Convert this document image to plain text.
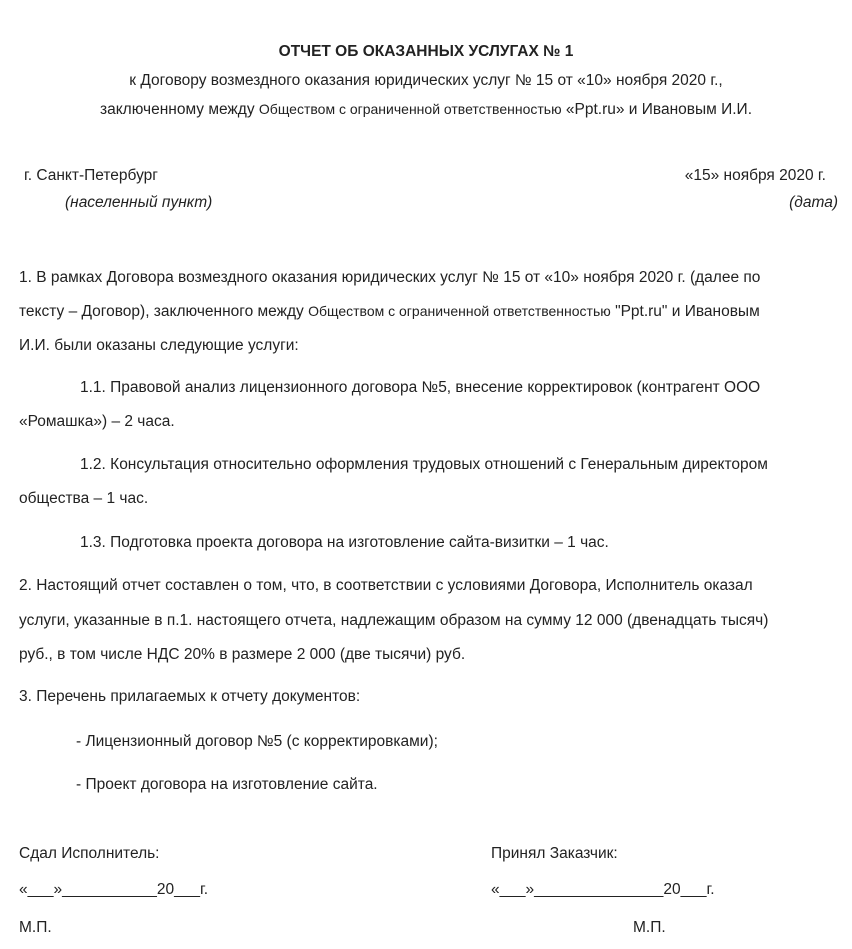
ОТЧЕТ ОБ ОКАЗАННЫХ УСЛУГАХ № 1
к Договору возмездного оказания юридических услуг № 15 от «10» ноября 2020 г.,
заключенному между Обществом с ограниченной ответственностью «Ppt.ru» и Ивановым И.И.
г. Санкт-Петербург
(населенный пункт)
«15» ноября 2020 г.
(дата)
1. В рамках Договора возмездного оказания юридических услуг № 15 от «10» ноября 2020 г. (далее по
тексту – Договор), заключенного между Обществом с ограниченной ответственностью "Ppt.ru" и Ивановым
И.И. были оказаны следующие услуги:
1.1. Правовой анализ лицензионного договора №5, внесение корректировок (контрагент ООО
«Ромашка») – 2 часа.
1.2. Консультация относительно оформления трудовых отношений с Генеральным директором
общества – 1 час.
1.3. Подготовка проекта договора на изготовление сайта-визитки – 1 час.
2. Настоящий отчет составлен о том, что, в соответствии с условиями Договора, Исполнитель оказал
услуги, указанные в п.1. настоящего отчета, надлежащим образом на сумму 12 000 (двенадцать тысяч)
руб., в том числе НДС 20% в размере 2 000 (две тысячи) руб.
3. Перечень прилагаемых к отчету документов:
- Лицензионный договор №5 (с корректировками);
- Проект договора на изготовление сайта.
Сдал Исполнитель:
«___»___________20___г.
М.П.
Принял Заказчик:
«___»_______________20___г.
М.П.
